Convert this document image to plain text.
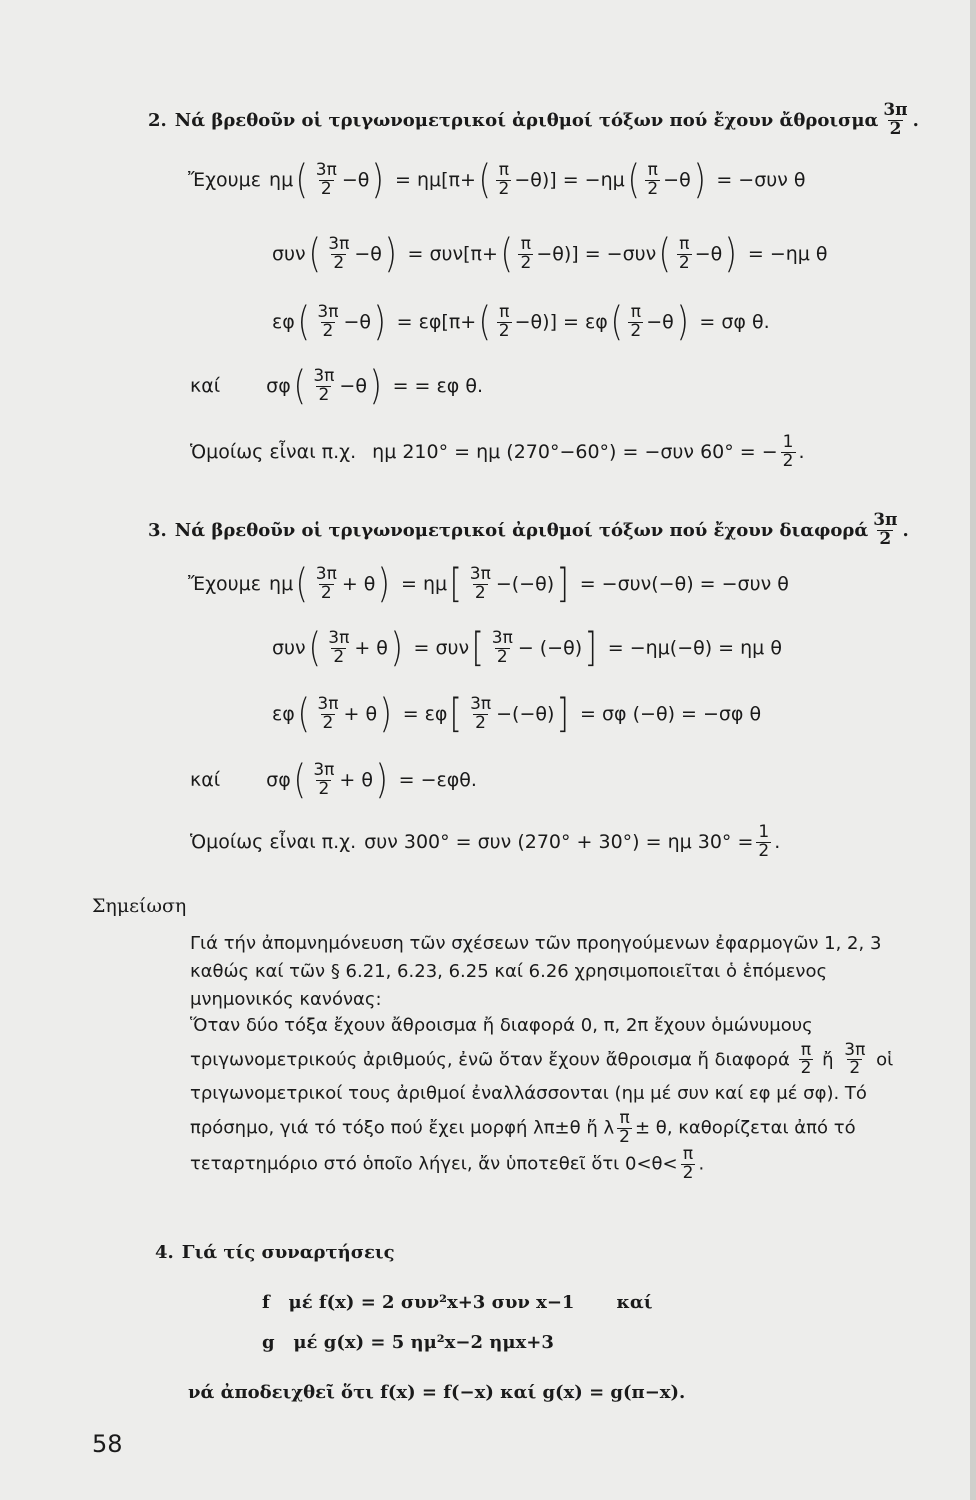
2. Νά βρεθοῦν οἱ τριγωνομετρικοί ἀριθμοί τόξων πού ἔχουν ἄθροισμα $\frac{3\pi}{2}$ .
Ἔχουμε ημ ( $\frac{3\pi}{2} -\theta$ ) = ημ[π+ ( $\frac{\pi}{2} -\theta$ )] = −ημ ( $\frac{\pi}{2} -\theta$ ) = −συν θ
συν ( $\frac{3\pi}{2} -\theta$ ) = συν[π+ ( $\frac{\pi}{2} -\theta$ )] = −συν ( $\frac{\pi}{2} -\theta$ ) = −ημ θ
εφ ( $\frac{3\pi}{2} -\theta$ ) = εφ[π+ ( $\frac{\pi}{2} -\theta$ )] = εφ ( $\frac{\pi}{2} -\theta$ ) = σφ θ.
καί σφ ( $\frac{3\pi}{2} -\theta$ ) = = εφ θ.
Ὁμοίως εἶναι π.χ. ημ 210° = ημ (270°−60°) = −συν 60° = − $\frac{1}{2}$ .
3. Νά βρεθοῦν οἱ τριγωνομετρικοί ἀριθμοί τόξων πού ἔχουν διαφορά $\frac{3\pi}{2}$ .
Ἔχουμε ημ ( $\frac{3\pi}{2} + \theta$ ) = ημ [ $\frac{3\pi}{2} -(-\theta)$ ] = −συν(−θ) = −συν θ
συν ( $\frac{3\pi}{2} + \theta$ ) = συν [ $\frac{3\pi}{2} - (-\theta)$ ] = −ημ(−θ) = ημ θ
εφ ( $\frac{3\pi}{2} + \theta$ ) = εφ [ $\frac{3\pi}{2} -(-\theta)$ ] = σφ (−θ) = −σφ θ
καί σφ ( $\frac{3\pi}{2} + \theta$ ) = −εφθ.
Ὁμοίως εἶναι π.χ. συν 300° = συν (270° + 30°) = ημ $30^\circ = \frac{1}{2}$ .
Σημείωση
Γιά τήν ἀπομνημόνευση τῶν σχέσεων τῶν προηγούμενων ἐφαρμογῶν 1, 2, 3 καθώς καί τῶν § 6.21, 6.23, 6.25 καί 6.26 χρησιμοποιεῖται ὁ ἑπόμενος μνημονικός κανόνας:
Ὅταν δύο τόξα ἔχουν ἄθροισμα ἤ διαφορά 0, π, 2π ἔχουν ὁμώνυμους τριγωνομετρικούς ἀριθμούς, ἐνῶ ὅταν ἔχουν ἄθροισμα ἤ διαφορά $\frac{\pi}{2}$ ἤ $\frac{3\pi}{2}$ οἱ τριγωνομετρικοί τους ἀριθμοί ἐναλλάσσονται (ημ μέ συν καί εφ μέ σφ). Τό πρόσημο, γιά τό τόξο πού ἔχει μορφή λπ±θ ἤ λ $\frac{\pi}{2} \pm \theta$, καθορίζεται ἀπό τό τεταρτημόριο στό ὁποῖο λήγει, ἄν ὑποτεθεῖ ὅτι $0<\theta< \frac{\pi}{2}$ .
4. Γιά τίς συναρτήσεις
f   μέ f(x) = 2 συν²x+3 συν x−1 καί
g   μέ g(x) = 5 ημ²x−2 ημx+3
νά ἀποδειχθεῖ ὅτι f(x) = f(−x) καί g(x) = g(π−x).
58
